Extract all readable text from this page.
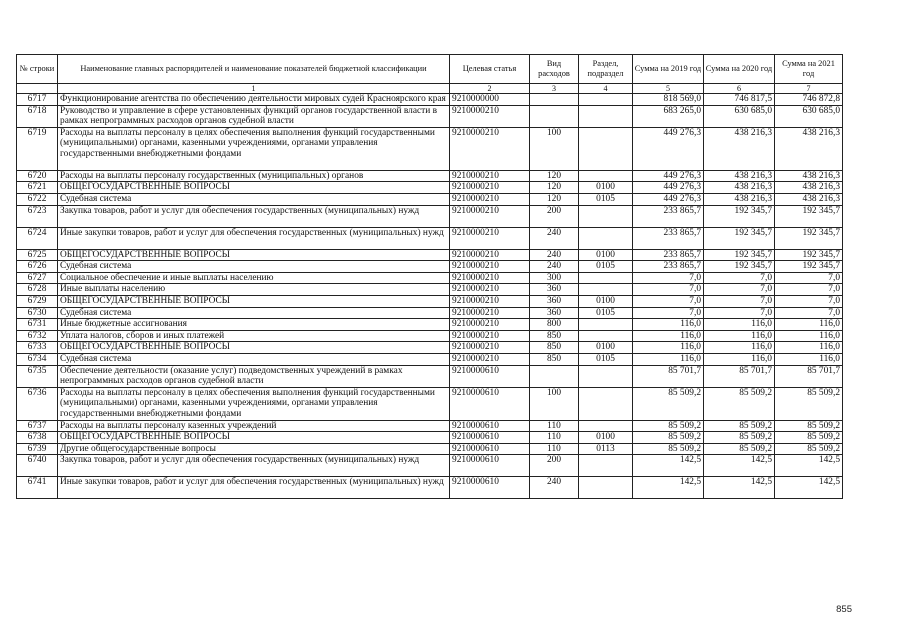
№ строки	Наименование главных распорядителей и наименование показателей бюджетной классификации	Целевая статья	Вид расходов	Раздел, подраздел	Сумма на 2019 год	Сумма на 2020 год	Сумма на 2021 год
	1	2	3	4	5	6	7
6717	Функционирование агентства по обеспечению деятельности мировых судей Красноярского края	9210000000			818 569,0	746 817,5	746 872,8
6718	Руководство и управление в сфере установленных функций органов государственной власти в рамках непрограммных расходов органов судебной власти	9210000210			683 265,0	630 685,0	630 685,0
6719	Расходы на выплаты персоналу в целях обеспечения выполнения функций государственными (муниципальными) органами, казенными учреждениями, органами управления государственными внебюджетными фондами	9210000210	100		449 276,3	438 216,3	438 216,3
6720	Расходы на выплаты персоналу государственных (муниципальных) органов	9210000210	120		449 276,3	438 216,3	438 216,3
6721	ОБЩЕГОСУДАРСТВЕННЫЕ ВОПРОСЫ	9210000210	120	0100	449 276,3	438 216,3	438 216,3
6722	Судебная система	9210000210	120	0105	449 276,3	438 216,3	438 216,3
6723	Закупка товаров, работ и услуг для обеспечения государственных (муниципальных) нужд	9210000210	200		233 865,7	192 345,7	192 345,7
6724	Иные закупки товаров, работ и услуг для обеспечения государственных (муниципальных) нужд	9210000210	240		233 865,7	192 345,7	192 345,7
6725	ОБЩЕГОСУДАРСТВЕННЫЕ ВОПРОСЫ	9210000210	240	0100	233 865,7	192 345,7	192 345,7
6726	Судебная система	9210000210	240	0105	233 865,7	192 345,7	192 345,7
6727	Социальное обеспечение и иные выплаты населению	9210000210	300		7,0	7,0	7,0
6728	Иные выплаты населению	9210000210	360		7,0	7,0	7,0
6729	ОБЩЕГОСУДАРСТВЕННЫЕ ВОПРОСЫ	9210000210	360	0100	7,0	7,0	7,0
6730	Судебная система	9210000210	360	0105	7,0	7,0	7,0
6731	Иные бюджетные ассигнования	9210000210	800		116,0	116,0	116,0
6732	Уплата налогов, сборов и иных платежей	9210000210	850		116,0	116,0	116,0
6733	ОБЩЕГОСУДАРСТВЕННЫЕ ВОПРОСЫ	9210000210	850	0100	116,0	116,0	116,0
6734	Судебная система	9210000210	850	0105	116,0	116,0	116,0
6735	Обеспечение деятельности (оказание услуг) подведомственных учреждений в рамках непрограммных расходов органов судебной власти	9210000610			85 701,7	85 701,7	85 701,7
6736	Расходы на выплаты персоналу в целях обеспечения выполнения функций государственными (муниципальными) органами, казенными учреждениями, органами управления государственными внебюджетными фондами	9210000610	100		85 509,2	85 509,2	85 509,2
6737	Расходы на выплаты персоналу казенных учреждений	9210000610	110		85 509,2	85 509,2	85 509,2
6738	ОБЩЕГОСУДАРСТВЕННЫЕ ВОПРОСЫ	9210000610	110	0100	85 509,2	85 509,2	85 509,2
6739	Другие общегосударственные вопросы	9210000610	110	0113	85 509,2	85 509,2	85 509,2
6740	Закупка товаров, работ и услуг для обеспечения государственных (муниципальных) нужд	9210000610	200		142,5	142,5	142,5
6741	Иные закупки товаров, работ и услуг для обеспечения государственных (муниципальных) нужд	9210000610	240		142,5	142,5	142,5
855
